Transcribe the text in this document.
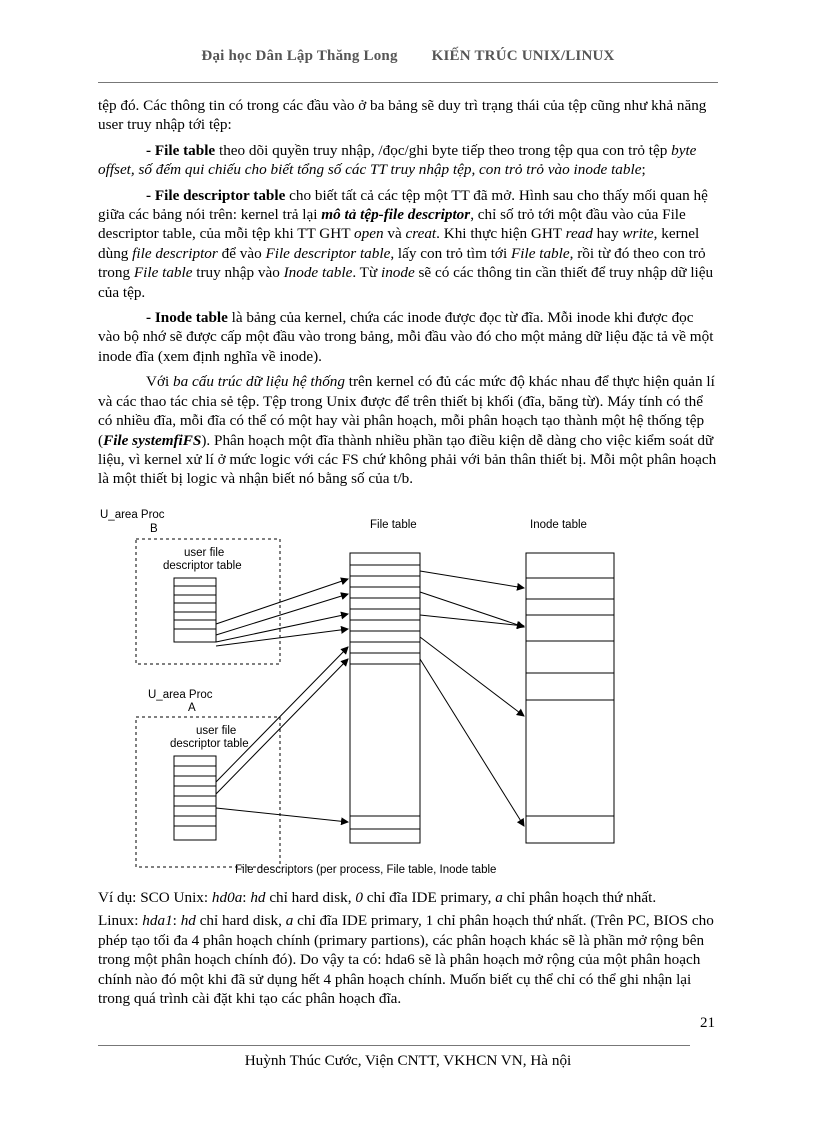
Đại học Dân Lập Thăng Long KIẾN TRÚC UNIX/LINUX

tệp đó. Các thông tin có trong các đầu vào ở ba bảng sẽ duy trì trạng thái của tệp cũng như khả năng user truy nhập tới tệp:

- File table theo dõi quyền truy nhập, /đọc/ghi byte tiếp theo trong tệp qua con trỏ tệp byte offset, số đếm qui chiếu cho biết tổng số các TT truy nhập tệp, con trỏ trỏ vào inode table;

- File descriptor table cho biết tất cả các tệp một TT đã mở. Hình sau cho thấy mối quan hệ giữa các bảng nói trên: kernel trả lại mô tả tệp-file descriptor, chỉ số trỏ tới một đầu vào của File descriptor table, của mỗi tệp khi TT GHT open và creat. Khi thực hiện GHT read hay write, kernel dùng file descriptor để vào File descriptor table, lấy con trỏ tìm tới File table, rồi từ đó theo con trỏ trong File table truy nhập vào Inode table. Từ inode sẽ có các thông tin cần thiết để truy nhập dữ liệu của tệp.

- Inode table là bảng của kernel, chứa các inode được đọc từ đĩa. Mỗi inode khi được đọc vào bộ nhớ sẽ được cấp một đầu vào trong bảng, mỗi đầu vào đó cho một mảng dữ liệu đặc tả về một inode đĩa (xem định nghĩa về inode).

Với ba cấu trúc dữ liệu hệ thống trên kernel có đủ các mức độ khác nhau để thực hiện quản lí và các thao tác chia sẻ tệp. Tệp trong Unix được để trên thiết bị khối (đĩa, băng từ). Máy tính có thể có nhiều đĩa, mỗi đĩa có thể có một hay vài phân hoạch, mỗi phân hoạch tạo thành một hệ thống tệp (File systemfiFS). Phân hoạch một đĩa thành nhiều phần tạo điều kiện dễ dàng cho việc kiểm soát dữ liệu, vì kernel xử lí ở mức logic với các FS chứ không phải với bản thân thiết bị. Mỗi một phân hoạch là một thiết bị logic và nhận biết nó bằng số của t/b.

U_area Proc
B
user file
descriptor table
U_area Proc
A
user file
descriptor table
File table	Inode table
File descriptors (per process, File table, Inode table

Ví dụ: SCO Unix: hd0a: hd chỉ hard disk, 0 chỉ đĩa IDE primary, a chỉ phân hoạch thứ nhất.

Linux: hda1: hd chỉ hard disk, a chỉ đĩa IDE primary, 1 chỉ phân hoạch thứ nhất. (Trên PC, BIOS cho phép tạo tối đa 4 phân hoạch chính (primary partions), các phân hoạch khác sẽ là phần mở rộng bên trong một phân hoạch chính đó). Do vậy ta có: hda6 sẽ là phân hoạch mở rộng của một phân hoạch chính nào đó một khi đã sử dụng hết 4 phân hoạch chính. Muốn biết cụ thể chỉ có thể ghi nhận lại trong quá trình cài đặt khi tạo các phân hoạch đĩa.

21
Huỳnh Thúc Cước, Viện CNTT, VKHCN VN, Hà nội
